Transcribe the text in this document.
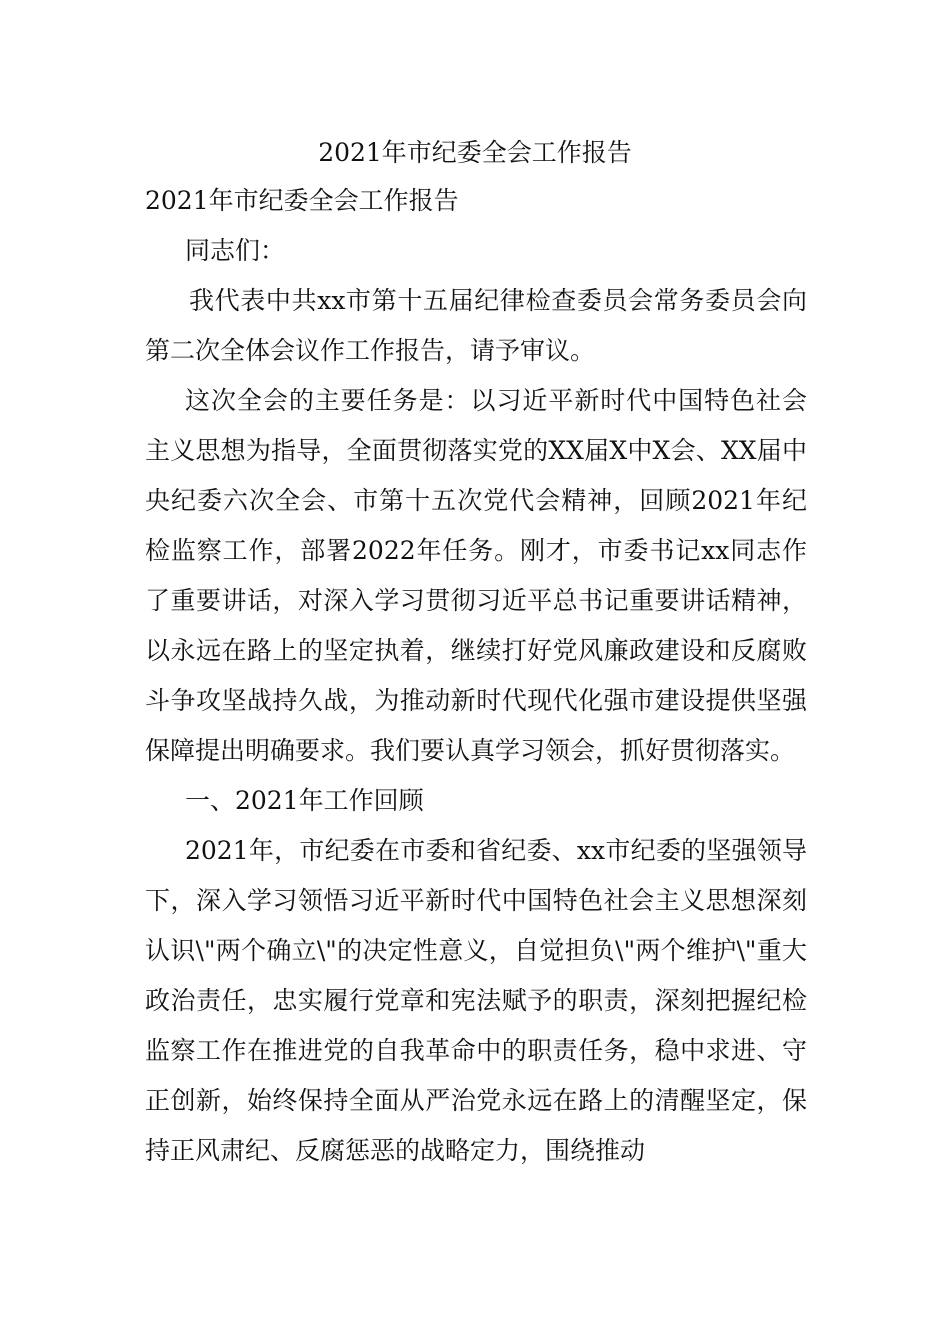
2021年市纪委全会工作报告

2021年市纪委全会工作报告

同志们：

我代表中共xx市第十五届纪律检查委员会常务委员会向第二次全体会议作工作报告，请予审议。

这次全会的主要任务是：以习近平新时代中国特色社会主义思想为指导，全面贯彻落实党的XX届X中X会、XX届中央纪委六次全会、市第十五次党代会精神，回顾2021年纪检监察工作，部署2022年任务。刚才，市委书记xx同志作了重要讲话，对深入学习贯彻习近平总书记重要讲话精神，以永远在路上的坚定执着，继续打好党风廉政建设和反腐败斗争攻坚战持久战，为推动新时代现代化强市建设提供坚强保障提出明确要求。我们要认真学习领会，抓好贯彻落实。

一、2021年工作回顾

2021年，市纪委在市委和省纪委、xx市纪委的坚强领导下，深入学习领悟习近平新时代中国特色社会主义思想深刻认识\"两个确立\"的决定性意义，自觉担负\"两个维护\"重大政治责任，忠实履行党章和宪法赋予的职责，深刻把握纪检监察工作在推进党的自我革命中的职责任务，稳中求进、守正创新，始终保持全面从严治党永远在路上的清醒坚定，保持正风肃纪、反腐惩恶的战略定力，围绕推动
